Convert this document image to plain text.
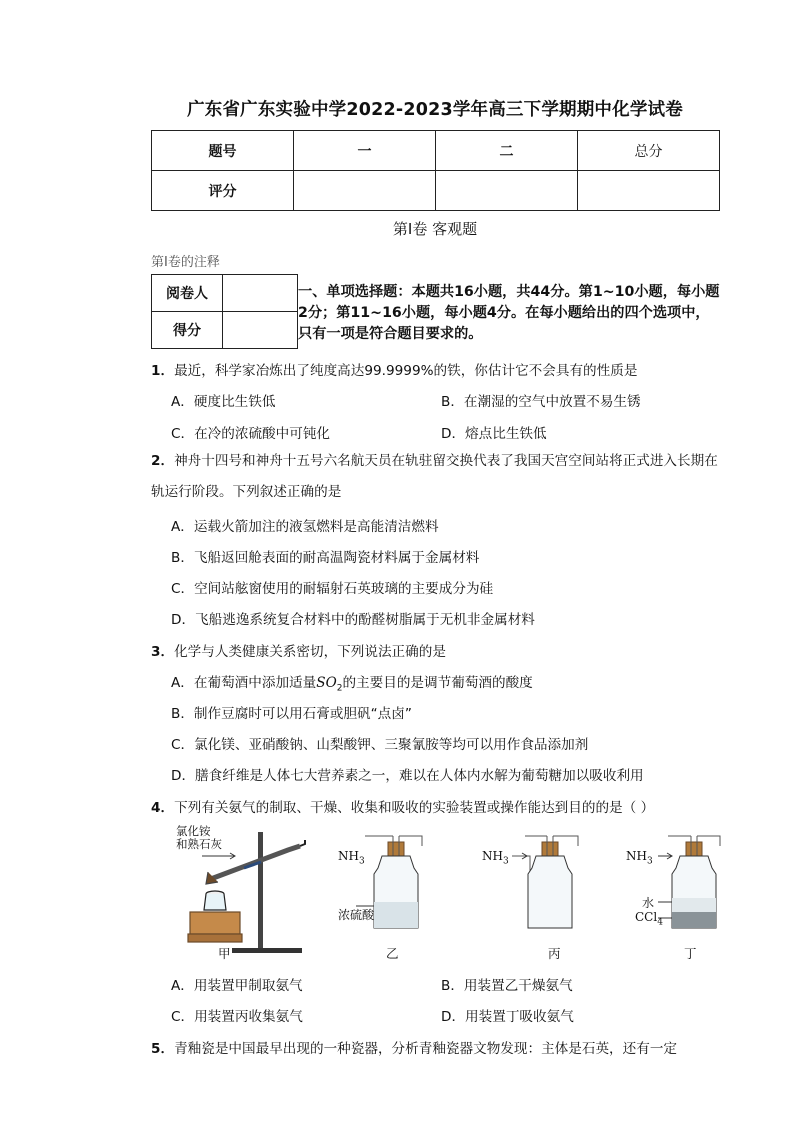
广东省广东实验中学2022-2023学年高三下学期期中化学试卷
题号	一	二	总分
评分			
第Ⅰ卷 客观题
第Ⅰ卷的注释
阅卷人	
得分	
一、单项选择题：本题共16小题，共44分。第1~10小题，每小题2分；第11~16小题，每小题4分。在每小题给出的四个选项中，只有一项是符合题目要求的。
1．最近，科学家冶炼出了纯度高达99.9999%的铁，你估计它不会具有的性质是
A．硬度比生铁低	B．在潮湿的空气中放置不易生锈
C．在冷的浓硫酸中可钝化	D．熔点比生铁低
2．神舟十四号和神舟十五号六名航天员在轨驻留交换代表了我国天宫空间站将正式进入长期在轨运行阶段。下列叙述正确的是
A．运载火箭加注的液氢燃料是高能清洁燃料
B．飞船返回舱表面的耐高温陶瓷材料属于金属材料
C．空间站舷窗使用的耐辐射石英玻璃的主要成分为硅
D．飞船逃逸系统复合材料中的酚醛树脂属于无机非金属材料
3．化学与人类健康关系密切，下列说法正确的是
A．在葡萄酒中添加适量$SO_2$的主要目的是调节葡萄酒的酸度
B．制作豆腐时可以用石膏或胆矾“点卤”
C．氯化镁、亚硝酸钠、山梨酸钾、三聚氰胺等均可以用作食品添加剂
D．膳食纤维是人体七大营养素之一，难以在人体内水解为葡萄糖加以吸收利用
4．下列有关氨气的制取、干燥、收集和吸收的实验装置或操作能达到目的的是（ ）
氯化铵
和熟石灰
$NH_3$	$NH_3$	$NH_3$
浓硫酸
水
CCl$_4$
甲	乙	丙	丁
A．用装置甲制取氨气	B．用装置乙干燥氨气
C．用装置丙收集氨气	D．用装置丁吸收氨气
5．青釉瓷是中国最早出现的一种瓷器，分析青釉瓷器文物发现：主体是石英，还有一定
